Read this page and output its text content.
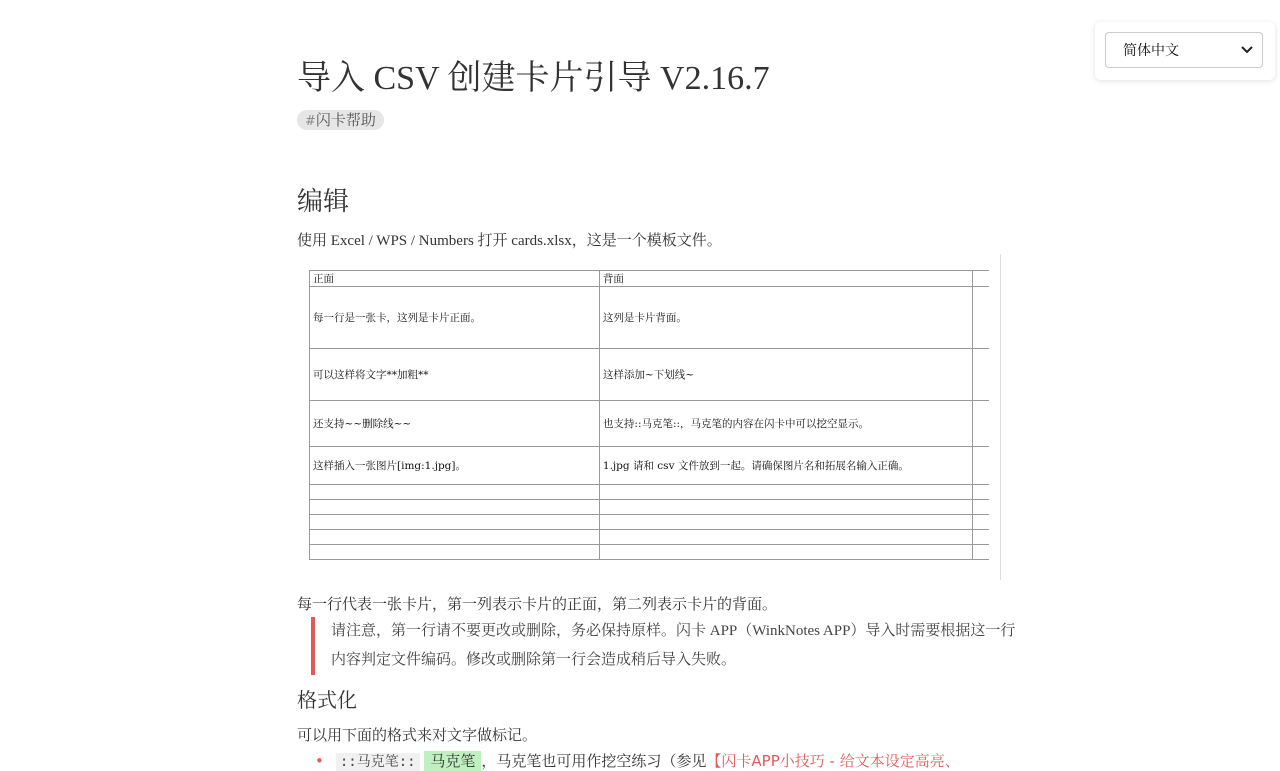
简体中文
导入 CSV 创建卡片引导 V2.16.7
#闪卡帮助
编辑
使用 Excel / WPS / Numbers 打开 cards.xlsx，这是一个模板文件。
正面	背面	
每一行是一张卡，这列是卡片正面。	这列是卡片背面。	
可以这样将文字**加粗**	这样添加~下划线~	
还支持~~删除线~~	也支持::马克笔::，马克笔的内容在闪卡中可以挖空显示。	
这样插入一张图片[img:1.jpg]。	1.jpg 请和 csv 文件放到一起。请确保图片名和拓展名输入正确。	

每一行代表一张卡片，第一列表示卡片的正面，第二列表示卡片的背面。
请注意，第一行请不要更改或删除，务必保持原样。闪卡 APP（WinkNotes APP）导入时需要根据这一行内容判定文件编码。修改或删除第一行会造成稍后导入失败。
格式化
可以用下面的格式来对文字做标记。
• ::马克笔:: 马克笔 ，马克笔也可用作挖空练习（参见【闪卡APP小技巧 - 给文本设定高亮、
